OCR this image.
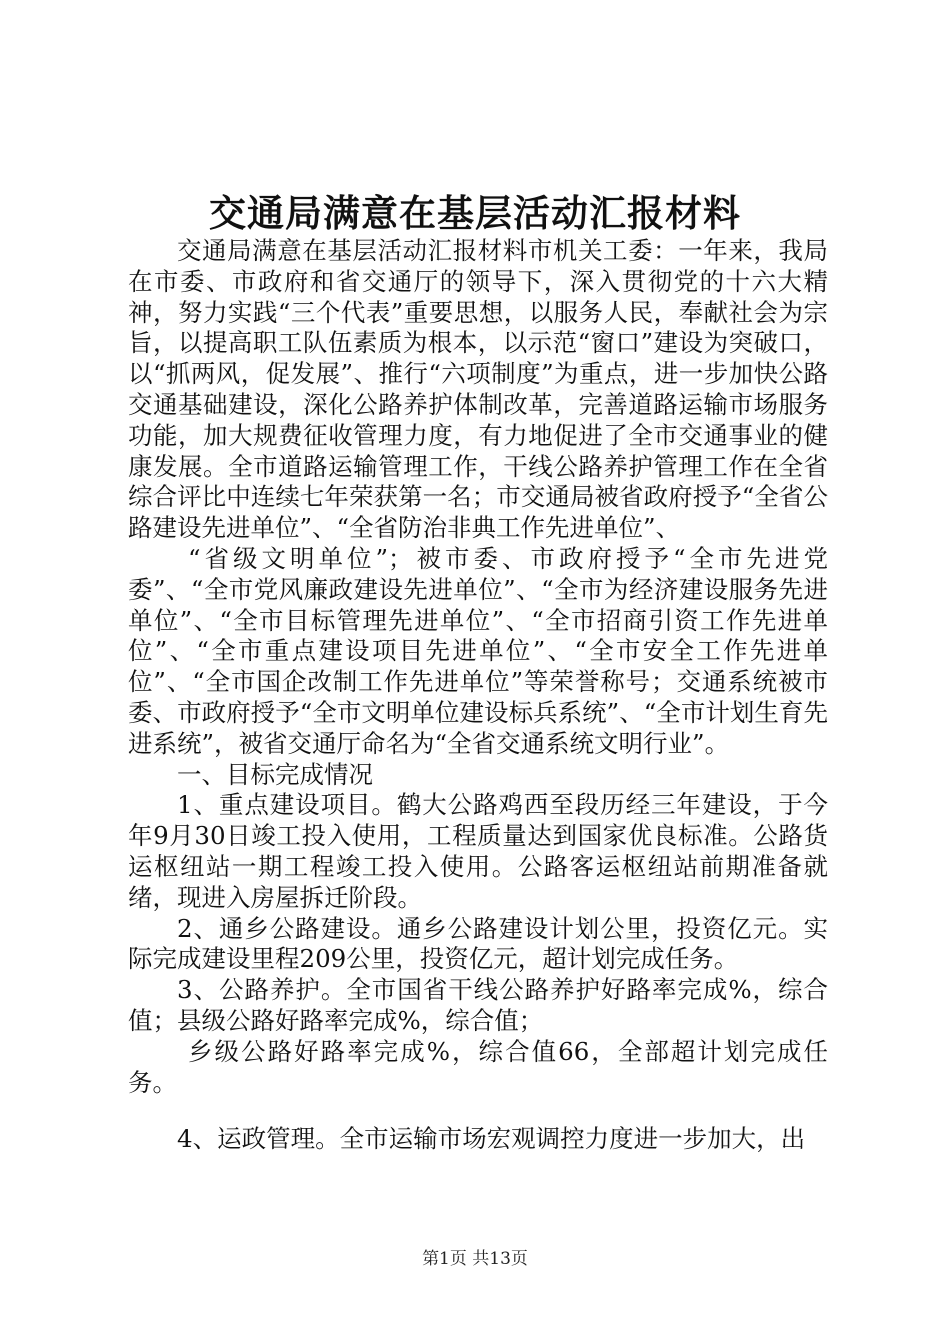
交通局满意在基层活动汇报材料

交通局满意在基层活动汇报材料市机关工委：一年来，我局在市委、市政府和省交通厅的领导下，深入贯彻党的十六大精神，努力实践“三个代表”重要思想，以服务人民，奉献社会为宗旨，以提高职工队伍素质为根本，以示范“窗口”建设为突破口，以“抓两风，促发展”、推行“六项制度”为重点，进一步加快公路交通基础建设，深化公路养护体制改革，完善道路运输市场服务功能，加大规费征收管理力度，有力地促进了全市交通事业的健康发展。全市道路运输管理工作，干线公路养护管理工作在全省综合评比中连续七年荣获第一名；市交通局被省政府授予“全省公路建设先进单位”、“全省防治非典工作先进单位”、

“省级文明单位”；被市委、市政府授予“全市先进党委”、“全市党风廉政建设先进单位”、“全市为经济建设服务先进单位”、“全市目标管理先进单位”、“全市招商引资工作先进单位”、“全市重点建设项目先进单位”、“全市安全工作先进单位”、“全市国企改制工作先进单位”等荣誉称号；交通系统被市委、市政府授予“全市文明单位建设标兵系统”、“全市计划生育先进系统”，被省交通厅命名为“全省交通系统文明行业”。

一、目标完成情况

1、重点建设项目。鹤大公路鸡西至段历经三年建设，于今年9月30日竣工投入使用，工程质量达到国家优良标准。公路货运枢纽站一期工程竣工投入使用。公路客运枢纽站前期准备就绪，现进入房屋拆迁阶段。

2、通乡公路建设。通乡公路建设计划公里，投资亿元。实际完成建设里程209公里，投资亿元，超计划完成任务。

3、公路养护。全市国省干线公路养护好路率完成%，综合值；县级公路好路率完成%，综合值；

乡级公路好路率完成%，综合值66，全部超计划完成任务。

4、运政管理。全市运输市场宏观调控力度进一步加大，出

第1页 共13页
